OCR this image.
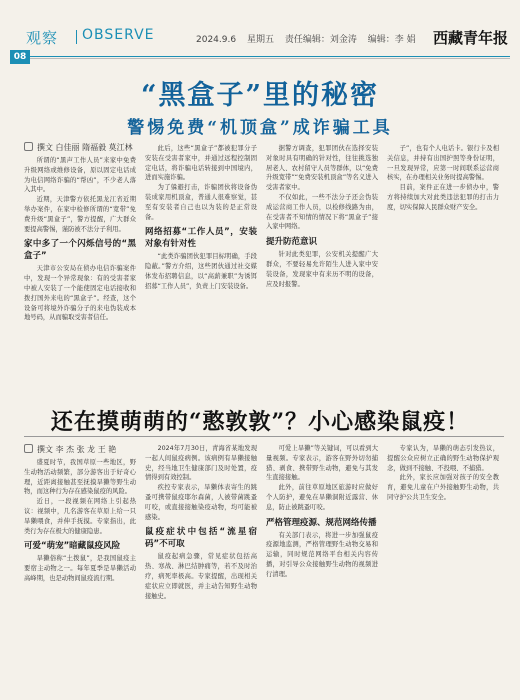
观察 OBSERVE	2024.9.6 星期五 责任编辑：刘金涛 编辑：李 娟	西藏青年报
08
“黑盒子”里的秘密
警惕免费“机顶盒”成诈骗工具
撰文 白佳丽 隋福毅 莫江林

所谓的“黑声工作人员”来家中免费升级网络或维修设备，原以固定电话成为电信网络诈骗的“帮凶”，不少老人落入其中。

近期，天津警方依托黑龙江省近期举办案件，在家中检修所谓的“宽带”免费升级“黑盒子”，警方提醒，广大群众要提高警惕，谨防被不法分子利用。

家中多了一个闪烁信号的“黑盒子”

天津市公安局在侦办电信诈骗案件中，发现一个异常现象：有的受害者家中被人安装了一个能使固定电话接收和拨打国外来电的“黑盒子”。经查，这个设备可将境外诈骗分子的来电伪装成本地号码，从而骗取受害者信任。

此后，这些“黑盒子”都被犯罪分子安装在受害者家中，并通过远程控制固定电话，将诈骗电话转接到中国境内，进而实施诈骗。

为了躲避打击，诈骗团伙将设备伪装成家用机顶盒，普通人很难察觉，甚至有安装者自己也以为装的是正常设备。

网络招募“工作人员”，安装对象有针对性

“此类诈骗团伙犯罪目标明确，手段隐蔽。”警方介绍，这些团伙通过社交媒体发布招聘信息，以“高薪兼职”为诱饵招募“工作人员”，负责上门安装设备。

据警方调查，犯罪团伙在选择安装对象时具有明确的针对性，往往挑选独居老人、农村留守人员等群体，以“免费升级宽带”“免费安装机顶盒”等名义进入受害者家中。

不仅如此，一些不法分子还会伪装成运营商工作人员，以检修线路为由，在受害者不知情的情况下将“黑盒子”接入家中网络。

提升防范意识

针对此类犯罪，公安机关提醒广大群众，不要轻易允许陌生人进入家中安装设备，发现家中有来历不明的设备，应及时报警。

子”，也有个人电话卡。银行卡及相关信息，并持有出国护照等身份证明，一旦发现异常，应第一时间联系运营商核实，在办理相关业务时提高警惕。

目前，案件正在进一步侦办中，警方将持续加大对此类违法犯罪的打击力度，切实保障人民群众财产安全。

还在摸萌萌的“憨敦敦”？小心感染鼠疫！
撰文 李 杰 张 龙 王 艳

盛夏时节，我国草原一些地区，野生动物活动频繁，部分游客出于好奇心理，近距离接触甚至抚摸旱獭等野生动物，而这种行为存在感染鼠疫的风险。

近日，一段视频在网络上引起热议：视频中，几名游客在草原上给一只旱獭喂食，并伸手抚摸。专家指出，此类行为存在极大的健康隐患。

可爱“萌宠”暗藏鼠疫风险

旱獭俗称“土拨鼠”，是我国鼠疫主要宿主动物之一。每年夏季是旱獭活动高峰期，也是动物间鼠疫流行期。

2024年7月30日，青海省某地发现一起人间鼠疫病例。该病例有旱獭接触史，经当地卫生健康部门及时处置，疫情得到有效控制。

疾控专家表示，旱獭体表寄生的跳蚤可携带鼠疫耶尔森菌，人被带菌跳蚤叮咬，或直接接触染疫动物，均可能被感染。

鼠疫症状中包括“流星宿码”不可取

鼠疫起病急骤，常见症状包括高热、寒战、淋巴结肿痛等，若不及时治疗，病死率极高。专家提醒，出现相关症状应立即就医，并主动告知野生动物接触史。

可爱上旱獭”等关键词，可以看到大量视频。专家表示，游客在野外切勿捕猎、剥食、携带野生动物，避免与其发生直接接触。

此外，前往草原地区旅游时应做好个人防护，避免在旱獭洞附近露营、休息，防止被跳蚤叮咬。

严格管理疫源、规范网络传播

有关部门表示，将进一步加强鼠疫疫源地监测，严格管理野生动物交易和运输，同时规范网络平台相关内容传播，对引导公众接触野生动物的视频进行清理。

专家认为，旱獭的萌态引发热议，提醒公众应树立正确的野生动物保护观念，做到不接触、不投喂、不捕猎。

此外，家长应加强对孩子的安全教育，避免儿童在户外接触野生动物，共同守护公共卫生安全。
